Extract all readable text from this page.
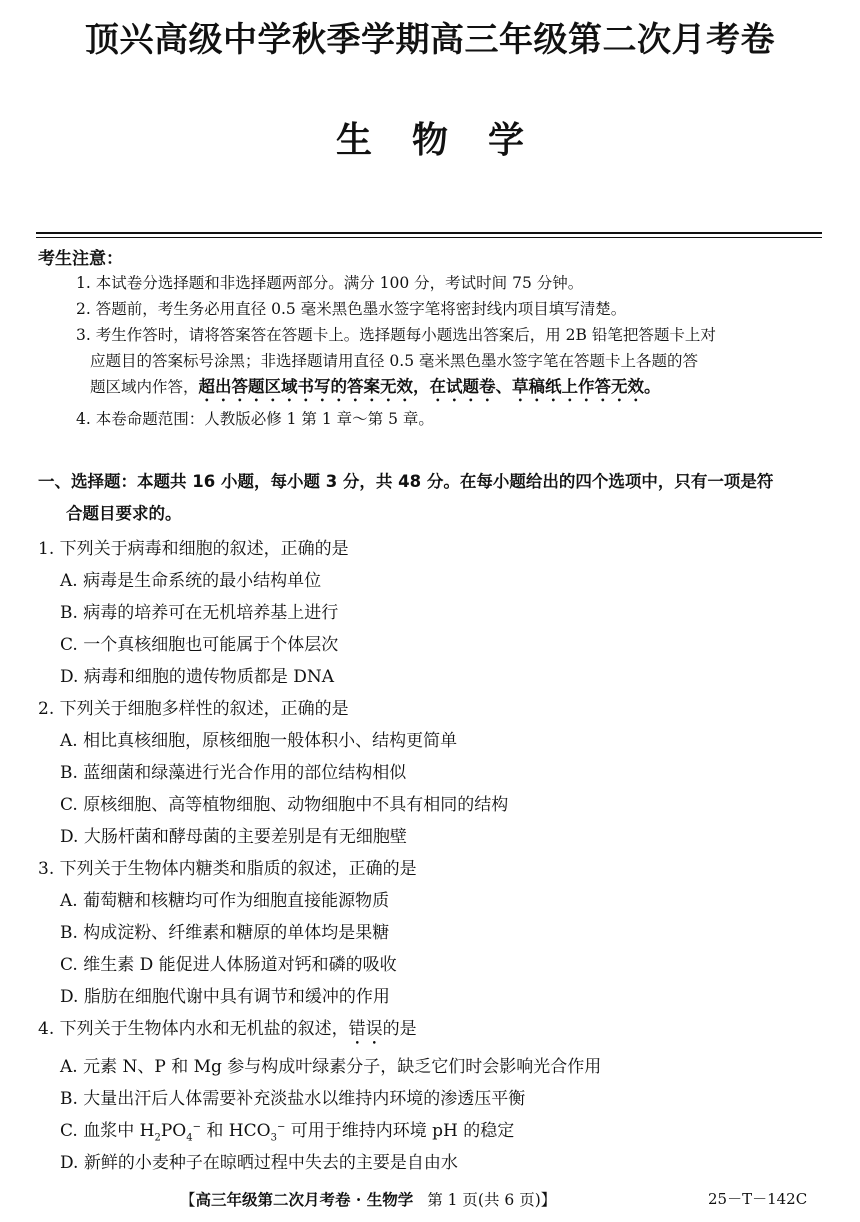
顶兴高级中学秋季学期高三年级第二次月考卷
生物学
考生注意：
1. 本试卷分选择题和非选择题两部分。满分 100 分，考试时间 75 分钟。
2. 答题前，考生务必用直径 0.5 毫米黑色墨水签字笔将密封线内项目填写清楚。
3. 考生作答时，请将答案答在答题卡上。选择题每小题选出答案后，用 2B 铅笔把答题卡上对
应题目的答案标号涂黑；非选择题请用直径 0.5 毫米黑色墨水签字笔在答题卡上各题的答
题区域内作答，超出答题区域书写的答案无效，在试题卷、草稿纸上作答无效。
4. 本卷命题范围：人教版必修 1 第 1 章～第 5 章。
一、选择题：本题共 16 小题，每小题 3 分，共 48 分。在每小题给出的四个选项中，只有一项是符
合题目要求的。
1. 下列关于病毒和细胞的叙述，正确的是
A. 病毒是生命系统的最小结构单位
B. 病毒的培养可在无机培养基上进行
C. 一个真核细胞也可能属于个体层次
D. 病毒和细胞的遗传物质都是 DNA
2. 下列关于细胞多样性的叙述，正确的是
A. 相比真核细胞，原核细胞一般体积小、结构更简单
B. 蓝细菌和绿藻进行光合作用的部位结构相似
C. 原核细胞、高等植物细胞、动物细胞中不具有相同的结构
D. 大肠杆菌和酵母菌的主要差别是有无细胞壁
3. 下列关于生物体内糖类和脂质的叙述，正确的是
A. 葡萄糖和核糖均可作为细胞直接能源物质
B. 构成淀粉、纤维素和糖原的单体均是果糖
C. 维生素 D 能促进人体肠道对钙和磷的吸收
D. 脂肪在细胞代谢中具有调节和缓冲的作用
4. 下列关于生物体内水和无机盐的叙述，错误的是
A. 元素 N、P 和 Mg 参与构成叶绿素分子，缺乏它们时会影响光合作用
B. 大量出汗后人体需要补充淡盐水以维持内环境的渗透压平衡
C. 血浆中 $H_2PO_4^-$ 和 $HCO_3^-$ 可用于维持内环境 pH 的稳定
D. 新鲜的小麦种子在晾晒过程中失去的主要是自由水
【高三年级第二次月考卷 · 生物学 第 1 页(共 6 页)】	25－T－142C
